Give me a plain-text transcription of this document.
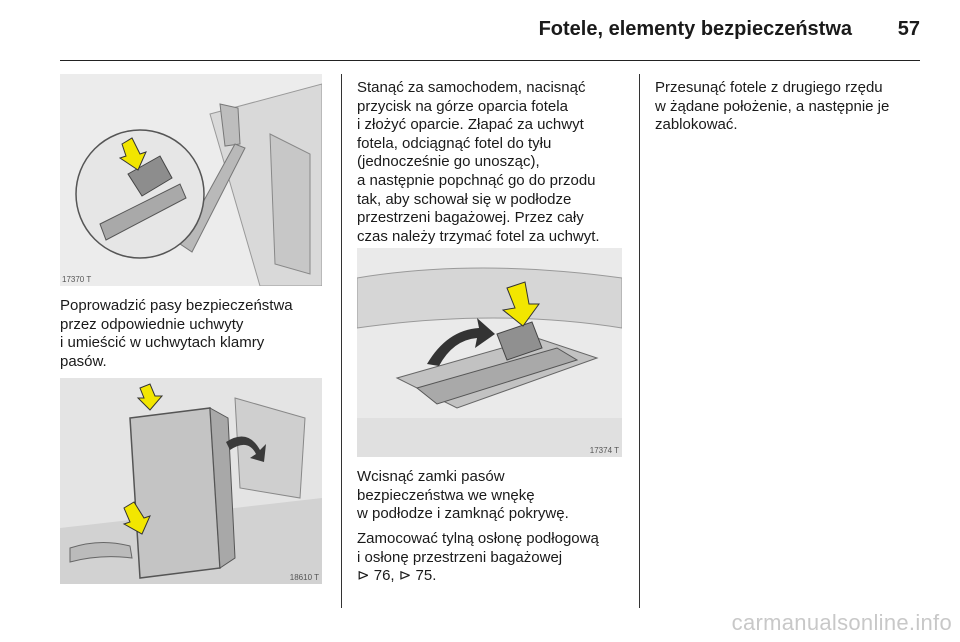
Fotele, elementy bezpieczeństwa 57
17370 T
Poprowadzić pasy bezpieczeństwa
przez odpowiednie uchwyty
i umieścić w uchwytach klamry
pasów.
18610 T
Stanąć za samochodem, nacisnąć
przycisk na górze oparcia fotela
i złożyć oparcie. Złapać za uchwyt
fotela, odciągnąć fotel do tyłu
(jednocześnie go unosząc),
a następnie popchnąć go do przodu
tak, aby schował się w podłodze
przestrzeni bagażowej. Przez cały
czas należy trzymać fotel za uchwyt.
17374 T
Wcisnąć zamki pasów
bezpieczeństwa we wnękę
w podłodze i zamknąć pokrywę.
Zamocować tylną osłonę podłogową
i osłonę przestrzeni bagażowej
⊳ 76, ⊳ 75.
Przesunąć fotele z drugiego rzędu
w żądane położenie, a następnie je
zablokować.
carmanualsonline.info
